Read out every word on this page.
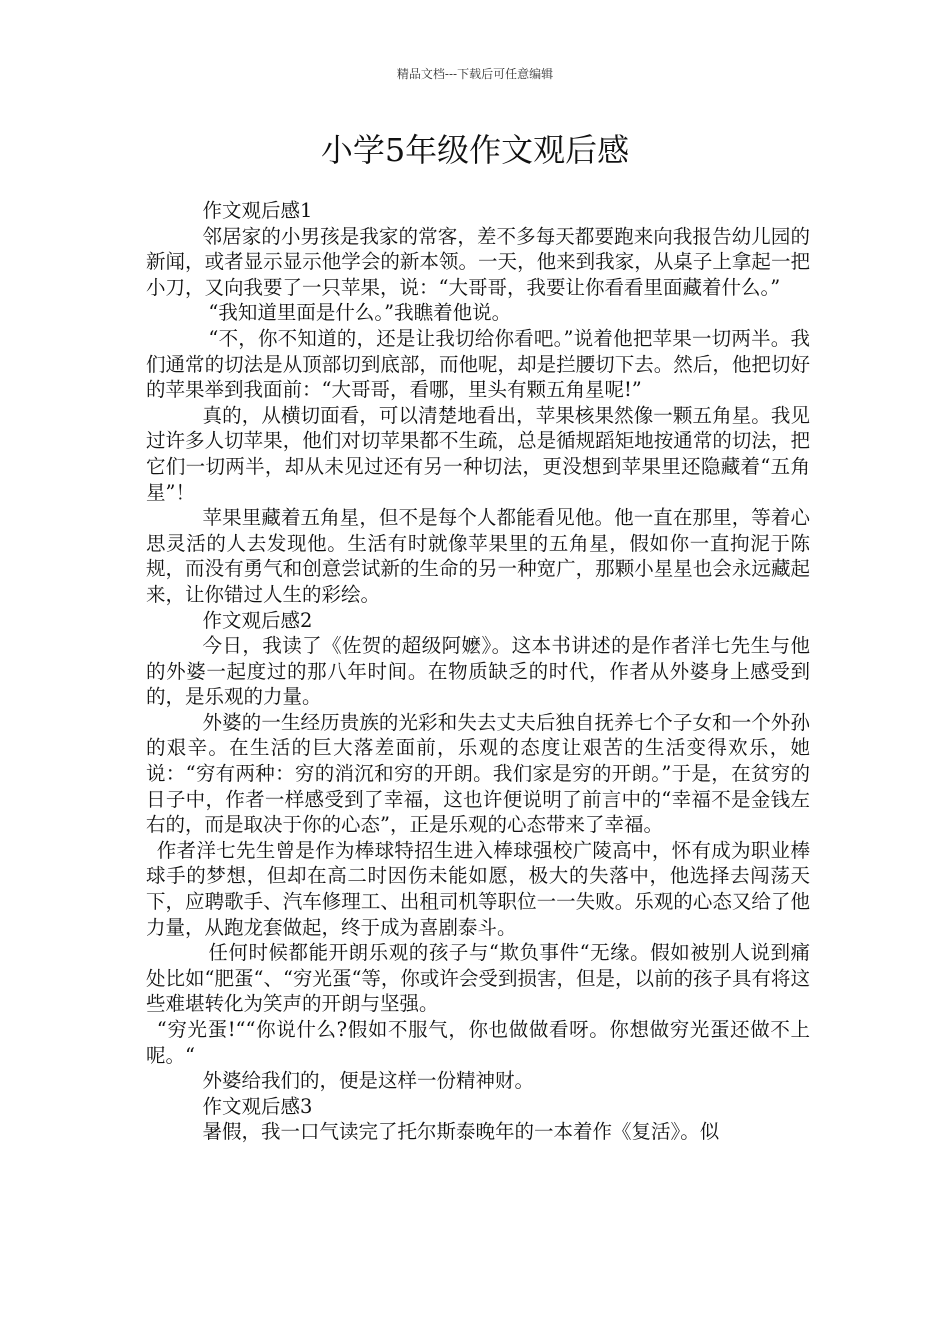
精品文档---下载后可任意编辑
小学5年级作文观后感

作文观后感1

邻居家的小男孩是我家的常客，差不多每天都要跑来向我报告幼儿园的新闻，或者显示显示他学会的新本领。一天，他来到我家，从桌子上拿起一把小刀，又向我要了一只苹果，说：“大哥哥，我要让你看看里面藏着什么。”

“我知道里面是什么。”我瞧着他说。

“不，你不知道的，还是让我切给你看吧。”说着他把苹果一切两半。我们通常的切法是从顶部切到底部，而他呢，却是拦腰切下去。然后，他把切好的苹果举到我面前：“大哥哥，看哪，里头有颗五角星呢!”

真的，从横切面看，可以清楚地看出，苹果核果然像一颗五角星。我见过许多人切苹果，他们对切苹果都不生疏，总是循规蹈矩地按通常的切法，把它们一切两半，却从未见过还有另一种切法，更没想到苹果里还隐藏着“五角星”！

苹果里藏着五角星，但不是每个人都能看见他。他一直在那里，等着心思灵活的人去发现他。生活有时就像苹果里的五角星，假如你一直拘泥于陈规，而没有勇气和创意尝试新的生命的另一种宽广，那颗小星星也会永远藏起来，让你错过人生的彩绘。

作文观后感2

今日，我读了《佐贺的超级阿嬷》。这本书讲述的是作者洋七先生与他的外婆一起度过的那八年时间。在物质缺乏的时代，作者从外婆身上感受到的，是乐观的力量。

外婆的一生经历贵族的光彩和失去丈夫后独自抚养七个子女和一个外孙的艰辛。在生活的巨大落差面前，乐观的态度让艰苦的生活变得欢乐，她说：“穷有两种：穷的消沉和穷的开朗。我们家是穷的开朗。”于是，在贫穷的日子中，作者一样感受到了幸福，这也许便说明了前言中的“幸福不是金钱左右的，而是取决于你的心态”，正是乐观的心态带来了幸福。

作者洋七先生曾是作为棒球特招生进入棒球强校广陵高中，怀有成为职业棒球手的梦想，但却在高二时因伤未能如愿，极大的失落中，他选择去闯荡天下，应聘歌手、汽车修理工、出租司机等职位一一失败。乐观的心态又给了他力量，从跑龙套做起，终于成为喜剧泰斗。

任何时候都能开朗乐观的孩子与“欺负事件“无缘。假如被别人说到痛处比如“肥蛋“、“穷光蛋“等，你或许会受到损害，但是，以前的孩子具有将这些难堪转化为笑声的开朗与坚强。

“穷光蛋!““你说什么?假如不服气，你也做做看呀。你想做穷光蛋还做不上呢。“

外婆给我们的，便是这样一份精神财。

作文观后感3

暑假，我一口气读完了托尔斯泰晚年的一本着作《复活》。似
